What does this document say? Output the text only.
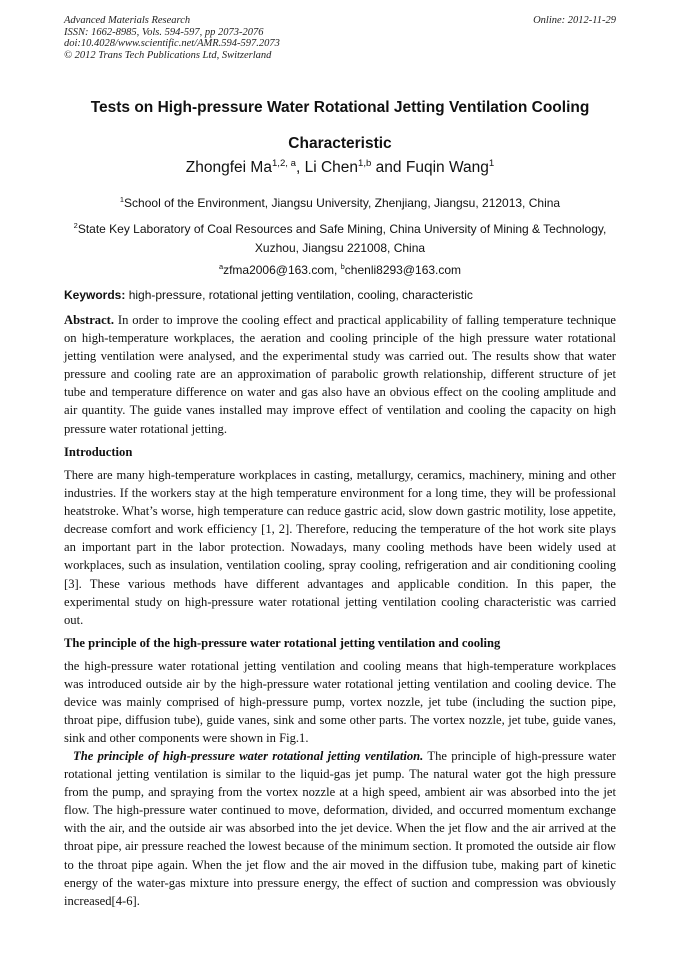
Advanced Materials Research
ISSN: 1662-8985, Vols. 594-597, pp 2073-2076
doi:10.4028/www.scientific.net/AMR.594-597.2073
© 2012 Trans Tech Publications Ltd, Switzerland
Online: 2012-11-29
Tests on High-pressure Water Rotational Jetting Ventilation Cooling
Characteristic
Zhongfei Ma$^{1,2, a}$, Li Chen$^{1,b}$ and Fuqin Wang$^1$
$^1$School of the Environment, Jiangsu University, Zhenjiang, Jiangsu, 212013, China
$^2$State Key Laboratory of Coal Resources and Safe Mining, China University of Mining & Technology, Xuzhou, Jiangsu 221008, China
$^a$zfma2006@163.com, $^b$chenli8293@163.com
Keywords: high-pressure, rotational jetting ventilation, cooling, characteristic

Abstract. In order to improve the cooling effect and practical applicability of falling temperature technique on high-temperature workplaces, the aeration and cooling principle of the high pressure water rotational jetting ventilation were analysed, and the experimental study was carried out. The results show that water pressure and cooling rate are an approximation of parabolic growth relationship, different structure of jet tube and temperature difference on water and gas also have an obvious effect on the cooling amplitude and air quantity. The guide vanes installed may improve effect of ventilation and cooling the capacity on high pressure water rotational jetting.

Introduction

There are many high-temperature workplaces in casting, metallurgy, ceramics, machinery, mining and other industries. If the workers stay at the high temperature environment for a long time, they will be professional heatstroke. What’s worse, high temperature can reduce gastric acid, slow down gastric motility, lose appetite, decrease comfort and work efficiency [1, 2]. Therefore, reducing the temperature of the hot work site plays an important part in the labor protection. Nowadays, many cooling methods have been widely used at workplaces, such as insulation, ventilation cooling, spray cooling, refrigeration and air conditioning cooling [3]. These various methods have different advantages and applicable condition. In this paper, the experimental study on high-pressure water rotational jetting ventilation cooling characteristic was carried out.

The principle of the high-pressure water rotational jetting ventilation and cooling

the high-pressure water rotational jetting ventilation and cooling means that high-temperature workplaces was introduced outside air by the high-pressure water rotational jetting ventilation and cooling device. The device was mainly comprised of high-pressure pump, vortex nozzle, jet tube (including the suction pipe, throat pipe, diffusion tube), guide vanes, sink and some other parts. The vortex nozzle, jet tube, guide vanes, sink and other components were shown in Fig.1.

The principle of high-pressure water rotational jetting ventilation. The principle of high-pressure water rotational jetting ventilation is similar to the liquid-gas jet pump. The natural water got the high pressure from the pump, and spraying from the vortex nozzle at a high speed, ambient air was absorbed into the jet flow. The high-pressure water continued to move, deformation, divided, and occurred momentum exchange with the air, and the outside air was absorbed into the jet device. When the jet flow and the air arrived at the throat pipe, air pressure reached the lowest because of the minimum section. It promoted the outside air flow to the throat pipe again. When the jet flow and the air moved in the diffusion tube, making part of kinetic energy of the water-gas mixture into pressure energy, the effect of suction and compression was obviously increased[4-6].
